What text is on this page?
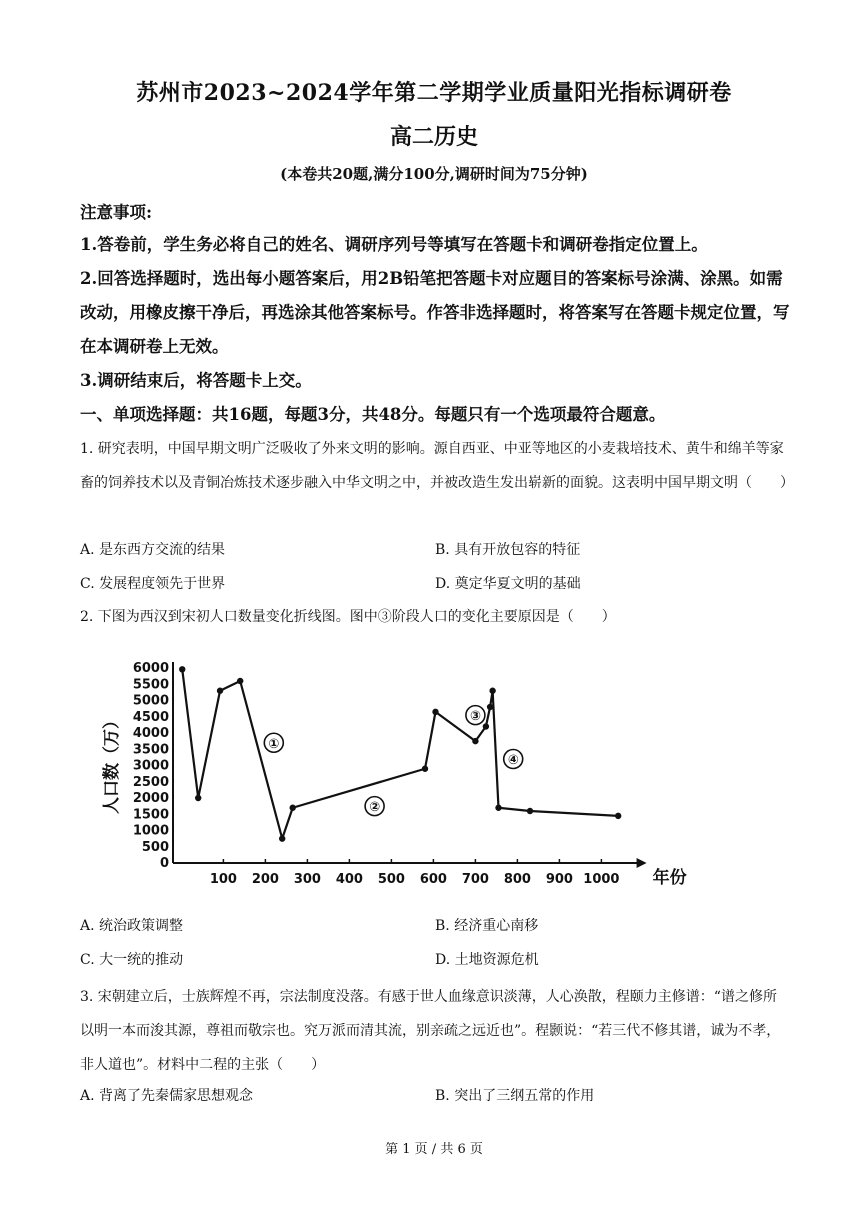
苏州市2023~2024学年第二学期学业质量阳光指标调研卷
高二历史
(本卷共20题,满分100分,调研时间为75分钟)
注意事项:
1.答卷前，学生务必将自己的姓名、调研序列号等填写在答题卡和调研卷指定位置上。
2.回答选择题时，选出每小题答案后，用2B铅笔把答题卡对应题目的答案标号涂满、涂黑。如需改动，用橡皮擦干净后，再选涂其他答案标号。作答非选择题时，将答案写在答题卡规定位置，写在本调研卷上无效。
3.调研结束后，将答题卡上交。
一、单项选择题：共16题，每题3分，共48分。每题只有一个选项最符合题意。
1. 研究表明，中国早期文明广泛吸收了外来文明的影响。源自西亚、中亚等地区的小麦栽培技术、黄牛和绵羊等家畜的饲养技术以及青铜冶炼技术逐步融入中华文明之中，并被改造生发出崭新的面貌。这表明中国早期文明（　　）
A. 是东西方交流的结果	B. 具有开放包容的特征
C. 发展程度领先于世界	D. 奠定华夏文明的基础
2. 下图为西汉到宋初人口数量变化折线图。图中③阶段人口的变化主要原因是（　　）
0
500
1000
1500
2000
2500
3000
3500
4000
4500
5000
5500
6000
100 200 300 400 500 600 700 800 900 1000
①
②
③
④
人口数（万）
年份
A. 统治政策调整	B. 经济重心南移
C. 大一统的推动	D. 土地资源危机
3. 宋朝建立后，士族辉煌不再，宗法制度没落。有感于世人血缘意识淡薄，人心涣散，程颐力主修谱：“谱之修所以明一本而浚其源，尊祖而敬宗也。究万派而清其流，别亲疏之远近也”。程颢说：“若三代不修其谱，诚为不孝，非人道也”。材料中二程的主张（　　）
A. 背离了先秦儒家思想观念	B. 突出了三纲五常的作用
第 1 页 / 共 6 页
